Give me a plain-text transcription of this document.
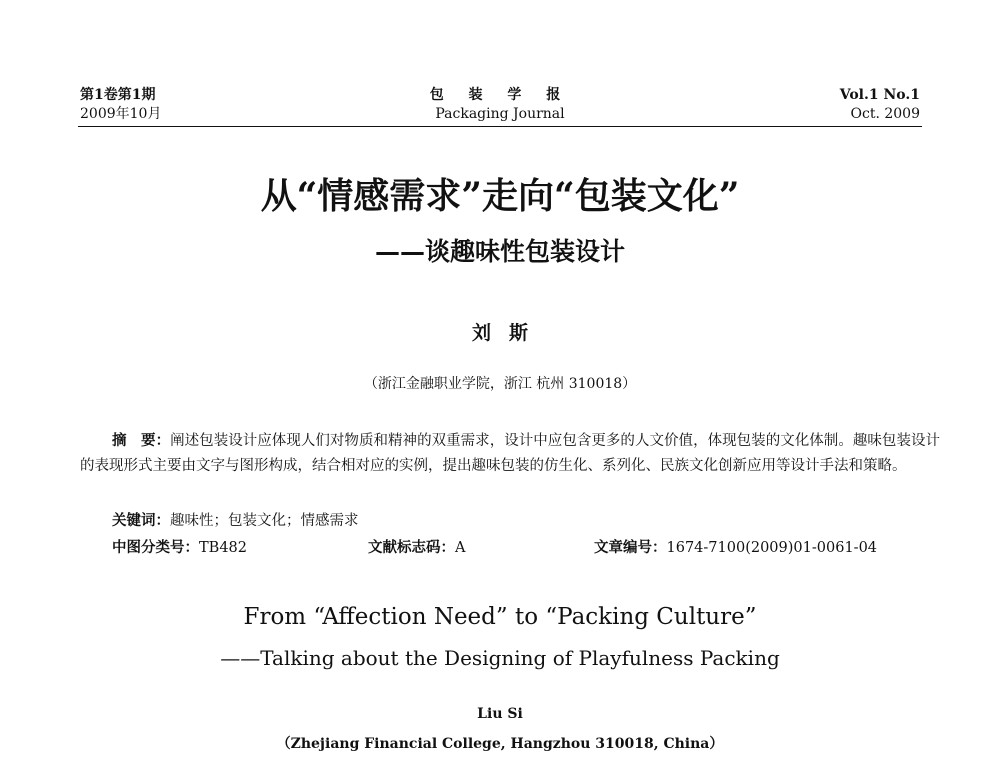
第1卷第1期
2009年10月
包 装 学 报
Packaging Journal
Vol.1 No.1
Oct. 2009
从“情感需求”走向“包装文化”
——谈趣味性包装设计
刘斯
（浙江金融职业学院，浙江 杭州 310018）
摘　要：阐述包装设计应体现人们对物质和精神的双重需求，设计中应包含更多的人文价值，体现包装的文化体制。趣味包装设计的表现形式主要由文字与图形构成，结合相对应的实例，提出趣味包装的仿生化、系列化、民族文化创新应用等设计手法和策略。
关键词：趣味性；包装文化；情感需求
中图分类号：TB482	文献标志码：A	文章编号：1674-7100(2009)01-0061-04
From “Affection Need” to “Packing Culture”
——Talking about the Designing of Playfulness Packing
Liu Si
（Zhejiang Financial College, Hangzhou 310018, China）
